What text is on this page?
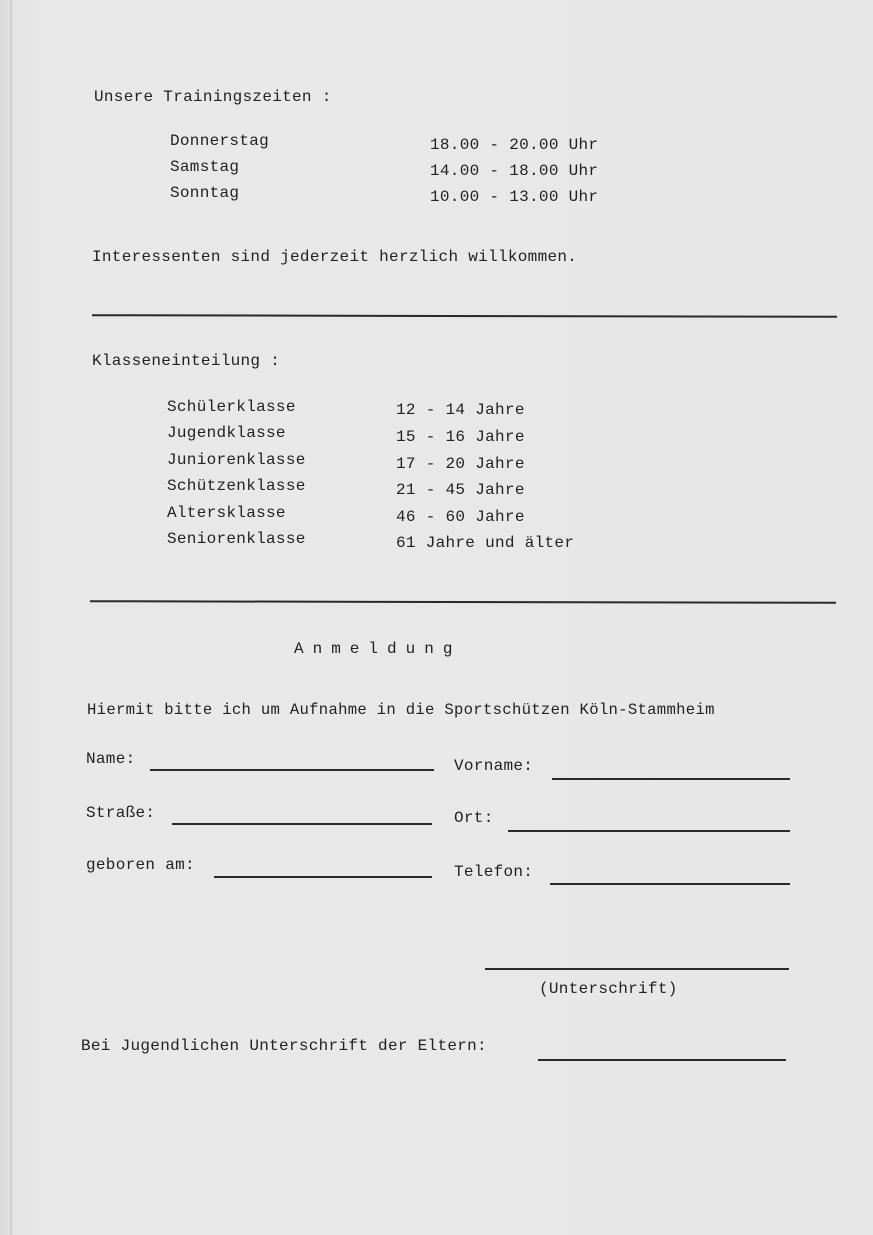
Unsere Trainingszeiten :
Donnerstag	18.00 - 20.00 Uhr
Samstag	14.00 - 18.00 Uhr
Sonntag	10.00 - 13.00 Uhr
Interessenten sind jederzeit herzlich willkommen.
Klasseneinteilung :
Schülerklasse	12 - 14 Jahre
Jugendklasse	15 - 16 Jahre
Juniorenklasse	17 - 20 Jahre
Schützenklasse	21 - 45 Jahre
Altersklasse	46 - 60 Jahre
Seniorenklasse	61 Jahre und älter
Anmeldung
Hiermit bitte ich um Aufnahme in die Sportschützen Köln-Stammheim
Name:	Vorname:
Straße:	Ort:
geboren am:	Telefon:
(Unterschrift)
Bei Jugendlichen Unterschrift der Eltern:
